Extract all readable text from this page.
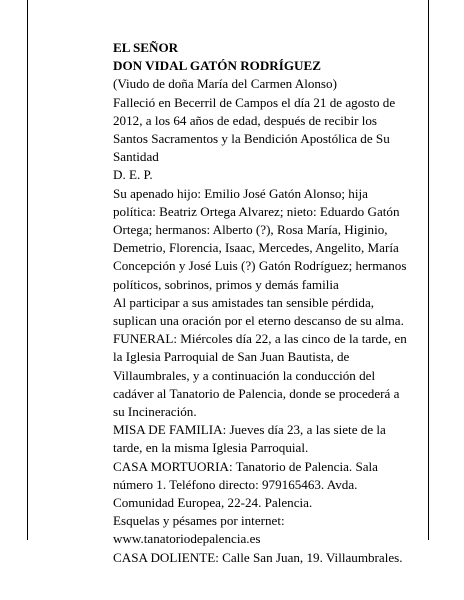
EL SEÑOR
DON VIDAL GATÓN RODRÍGUEZ
(Viudo de doña María del Carmen Alonso)
Falleció en Becerril de Campos el día 21 de agosto de
2012, a los 64 años de edad, después de recibir los
Santos Sacramentos y la Bendición Apostólica de Su
Santidad
D. E. P.
Su apenado hijo: Emilio José Gatón Alonso; hija
política: Beatriz Ortega Alvarez; nieto: Eduardo Gatón
Ortega; hermanos: Alberto (?), Rosa María, Higinio,
Demetrio, Florencia, Isaac, Mercedes, Angelito, María
Concepción y José Luis (?) Gatón Rodríguez; hermanos
políticos, sobrinos, primos y demás familia
Al participar a sus amistades tan sensible pérdida,
suplican una oración por el eterno descanso de su alma.
FUNERAL: Miércoles día 22, a las cinco de la tarde, en
la Iglesia Parroquial de San Juan Bautista, de
Villaumbrales, y a continuación la conducción del
cadáver al Tanatorio de Palencia, donde se procederá a
su Incineración.
MISA DE FAMILIA: Jueves día 23, a las siete de la
tarde, en la misma Iglesia Parroquial.
CASA MORTUORIA: Tanatorio de Palencia. Sala
número 1. Teléfono directo: 979165463. Avda.
Comunidad Europea, 22-24. Palencia.
Esquelas y pésames por internet:
www.tanatoriodepalencia.es
CASA DOLIENTE: Calle San Juan, 19. Villaumbrales.
